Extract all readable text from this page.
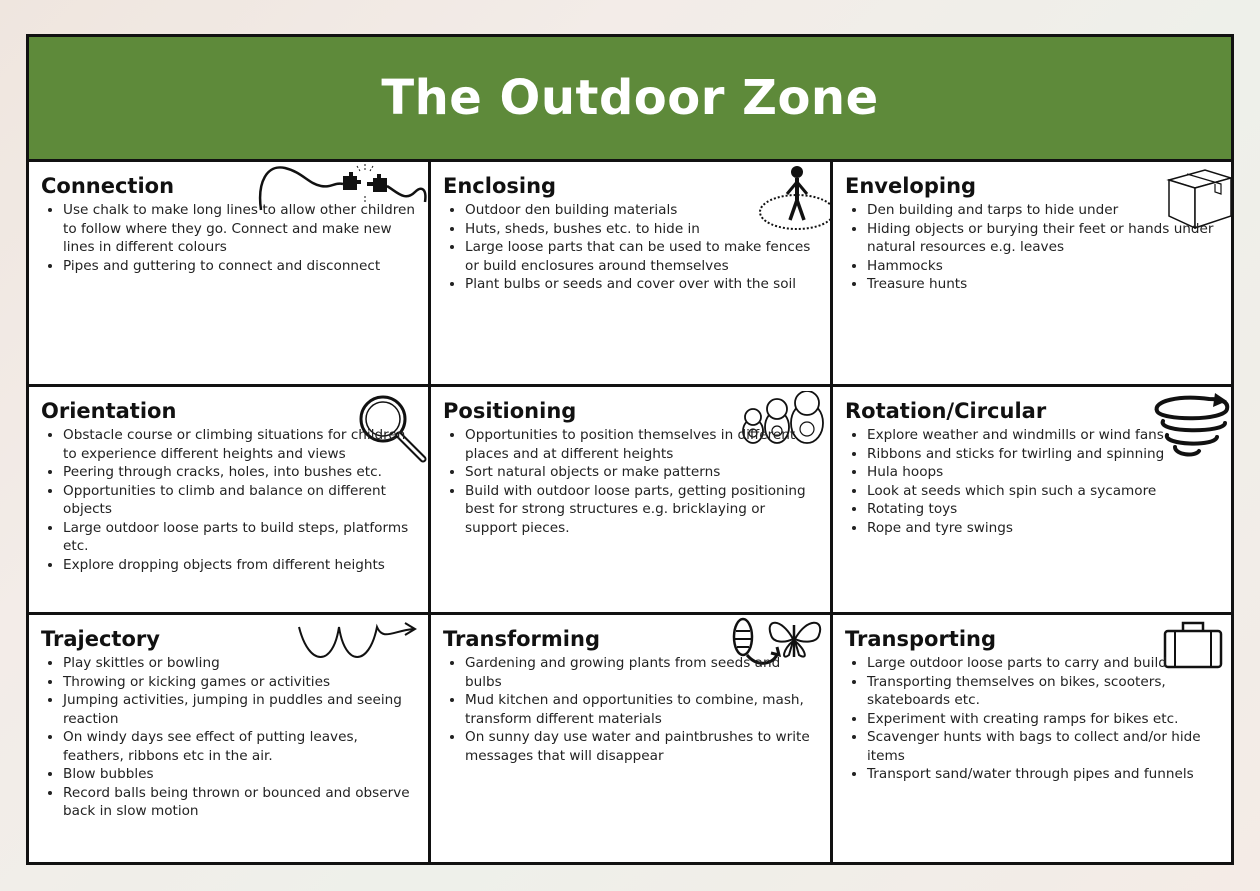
The Outdoor Zone
Connection
• Use chalk to make long lines to allow other children to follow where they go. Connect and make new lines in different colours
• Pipes and guttering to connect and disconnect
Enclosing
• Outdoor den building materials
• Huts, sheds, bushes etc. to hide in
• Large loose parts that can be used to make fences or build enclosures around themselves
• Plant bulbs or seeds and cover over with the soil
Enveloping
• Den building and tarps to hide under
• Hiding objects or burying their feet or hands under natural resources e.g. leaves
• Hammocks
• Treasure hunts
Orientation
• Obstacle course or climbing situations for children to experience different heights and views
• Peering through cracks, holes, into bushes etc.
• Opportunities to climb and balance on different objects
• Large outdoor loose parts to build steps, platforms etc.
• Explore dropping objects from different heights
Positioning
• Opportunities to position themselves in different places and at different heights
• Sort natural objects or make patterns
• Build with outdoor loose parts, getting positioning best for strong structures e.g. bricklaying or support pieces.
Rotation/Circular
• Explore weather and windmills or wind fans
• Ribbons and sticks for twirling and spinning
• Hula hoops
• Look at seeds which spin such a sycamore
• Rotating toys
• Rope and tyre swings
Trajectory
• Play skittles or bowling
• Throwing or kicking games or activities
• Jumping activities, jumping in puddles and seeing reaction
• On windy days see effect of putting leaves, feathers, ribbons etc in the air.
• Blow bubbles
• Record balls being thrown or bounced and observe back in slow motion
Transforming
• Gardening and growing plants from seeds and bulbs
• Mud kitchen and opportunities to combine, mash, transform different materials
• On sunny day use water and paintbrushes to write messages that will disappear
Transporting
• Large outdoor loose parts to carry and build
• Transporting themselves on bikes, scooters, skateboards etc.
• Experiment with creating ramps for bikes etc.
• Scavenger hunts with bags to collect and/or hide items
• Transport sand/water through pipes and funnels
